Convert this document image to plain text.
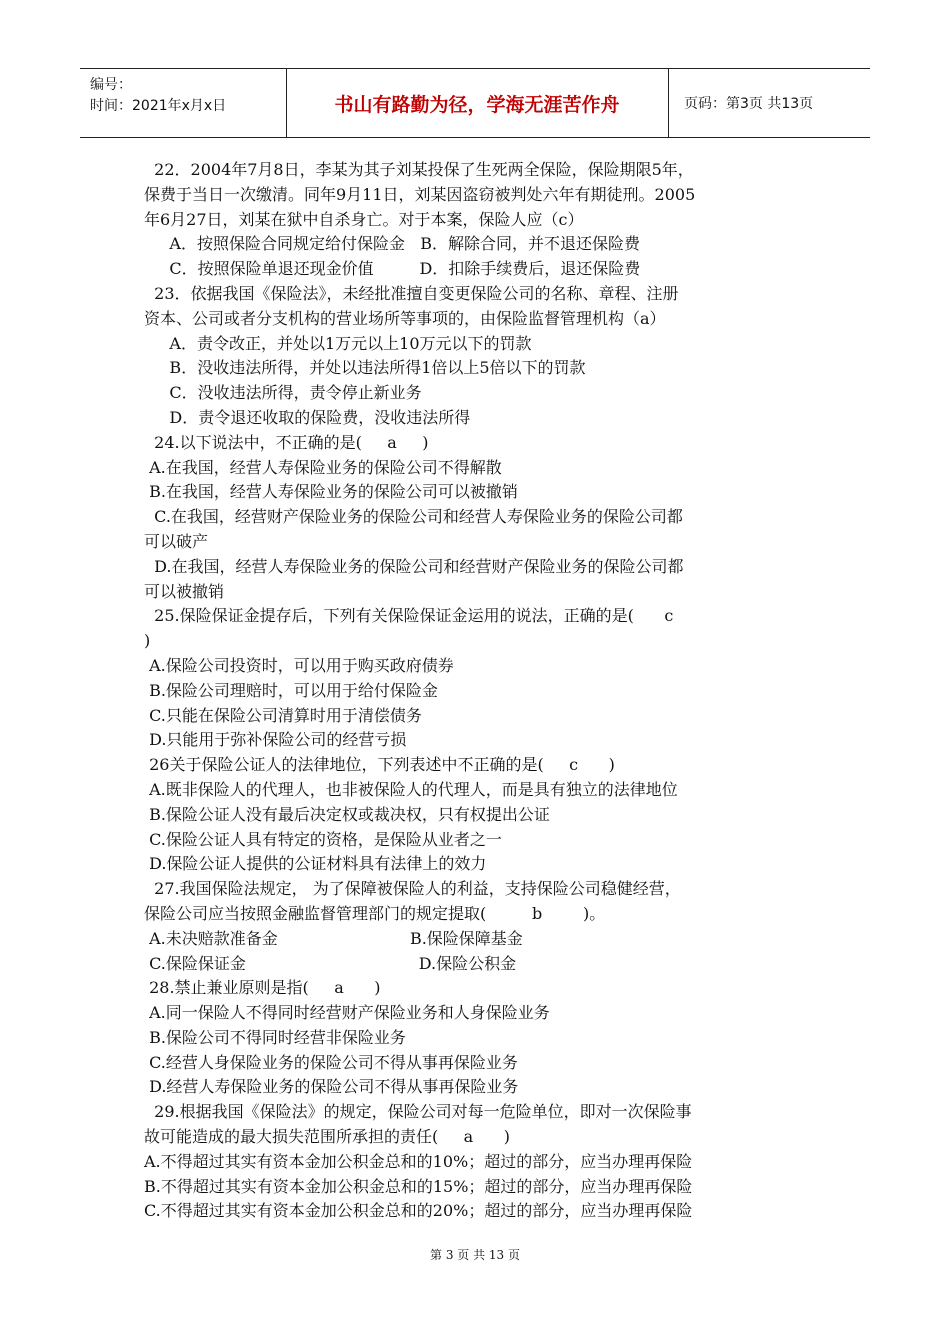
编号：
时间：2021年x月x日	书山有路勤为径，学海无涯苦作舟	页码：第3页 共13页
22．2004年7月8日，李某为其子刘某投保了生死两全保险，保险期限5年，
保费于当日一次缴清。同年9月11日，刘某因盗窃被判处六年有期徒刑。2005
年6月27日，刘某在狱中自杀身亡。对于本案，保险人应（c）
A．按照保险合同规定给付保险金   B．解除合同，并不退还保险费
C．按照保险单退还现金价值         D．扣除手续费后，退还保险费
23．依据我国《保险法》，未经批准擅自变更保险公司的名称、章程、注册
资本、公司或者分支机构的营业场所等事项的，由保险监督管理机构（a）
A．责令改正，并处以1万元以上10万元以下的罚款
B．没收违法所得，并处以违法所得1倍以上5倍以下的罚款
C．没收违法所得，责令停止新业务
D．责令退还收取的保险费，没收违法所得
24.以下说法中，不正确的是(     a     )
A.在我国，经营人寿保险业务的保险公司不得解散
B.在我国，经营人寿保险业务的保险公司可以被撤销
C.在我国，经营财产保险业务的保险公司和经营人寿保险业务的保险公司都
可以破产
D.在我国，经营人寿保险业务的保险公司和经营财产保险业务的保险公司都
可以被撤销
25.保险保证金提存后，下列有关保险保证金运用的说法，正确的是(      c
)
A.保险公司投资时，可以用于购买政府债券
B.保险公司理赔时，可以用于给付保险金
C.只能在保险公司清算时用于清偿债务
D.只能用于弥补保险公司的经营亏损
26关于保险公证人的法律地位，下列表述中不正确的是(     c      )
A.既非保险人的代理人，也非被保险人的代理人，而是具有独立的法律地位
B.保险公证人没有最后决定权或裁决权，只有权提出公证
C.保险公证人具有特定的资格，是保险从业者之一
D.保险公证人提供的公证材料具有法律上的效力
27.我国保险法规定， 为了保障被保险人的利益，支持保险公司稳健经营，
保险公司应当按照金融监督管理部门的规定提取(         b        )。
A.未决赔款准备金                          B.保险保障基金
C.保险保证金                                  D.保险公积金
28.禁止兼业原则是指(     a      )
A.同一保险人不得同时经营财产保险业务和人身保险业务
B.保险公司不得同时经营非保险业务
C.经营人身保险业务的保险公司不得从事再保险业务
D.经营人寿保险业务的保险公司不得从事再保险业务
29.根据我国《保险法》的规定，保险公司对每一危险单位，即对一次保险事
故可能造成的最大损失范围所承担的责任(     a      )
A.不得超过其实有资本金加公积金总和的10%；超过的部分，应当办理再保险
B.不得超过其实有资本金加公积金总和的15%；超过的部分，应当办理再保险
C.不得超过其实有资本金加公积金总和的20%；超过的部分，应当办理再保险
第 3 页 共 13 页
